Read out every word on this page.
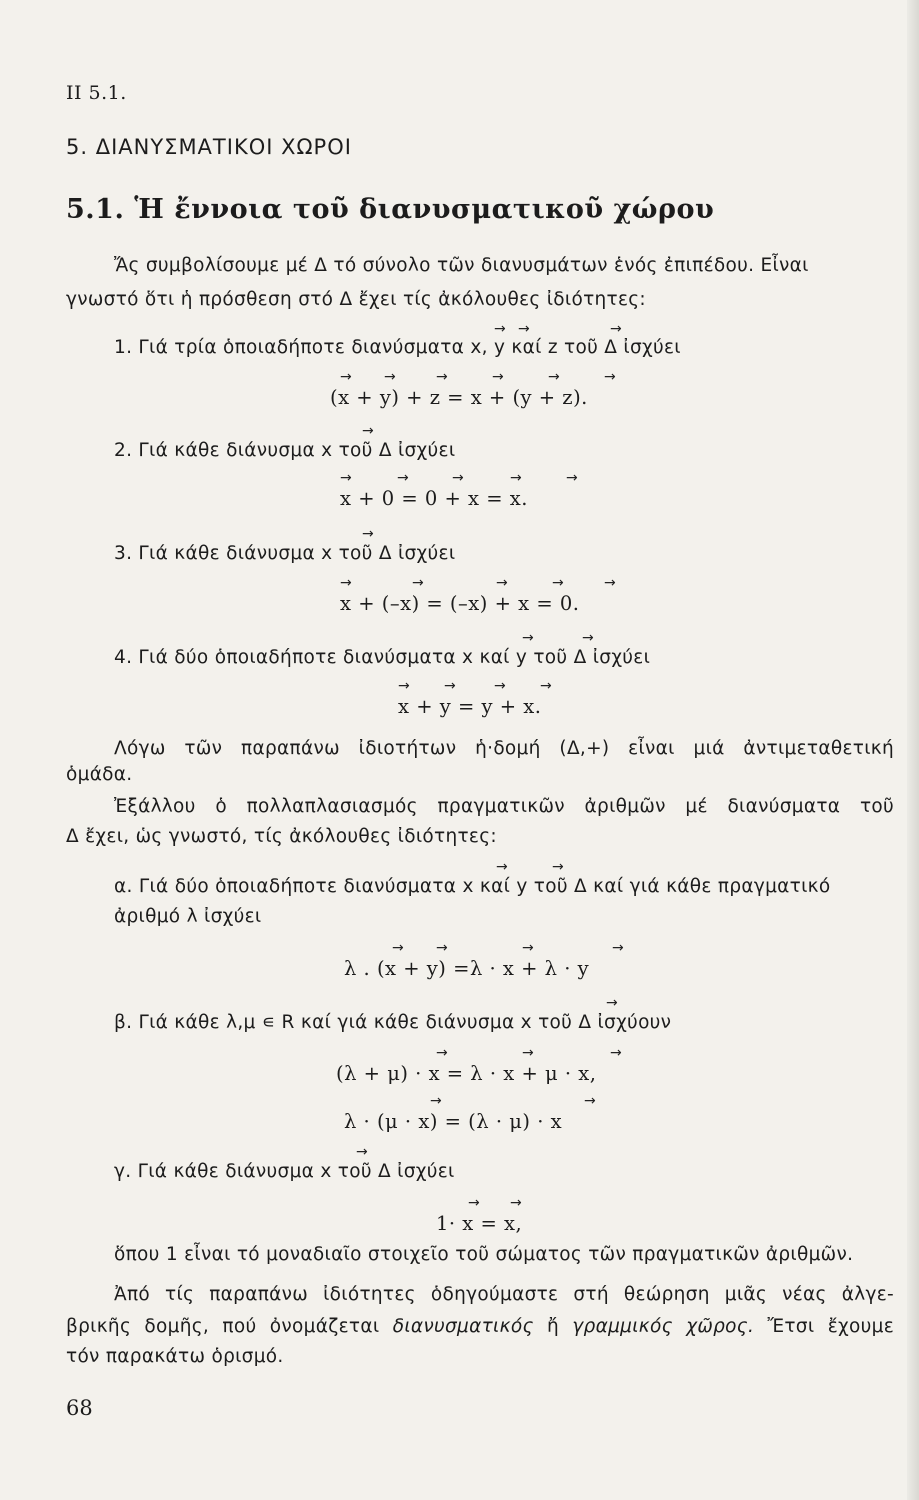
II 5.1.
5. ΔΙΑΝΥΣΜΑΤΙΚΟΙ ΧΩΡΟΙ
5.1. Ἡ ἔννοια τοῦ διανυσματικοῦ χώρου
Ἄς συμβολίσουμε μέ Δ τό σύνολο τῶν διανυσμάτων ἑνός ἐπιπέδου. Εἶναι
γνωστό ὅτι ἡ πρόσθεση στό Δ ἔχει τίς ἀκόλουθες ἰδιότητες:
1. Γιά τρία ὁποιαδήποτε διανύσματα x, y καί z τοῦ Δ ἰσχύει
→ →	→
(x + y) + z = x + (y + z).
→ →	→	→	→	→
2. Γιά κάθε διάνυσμα x τοῦ Δ ἰσχύει
→
x + 0 = 0 + x = x.
→	→	→	→	→
3. Γιά κάθε διάνυσμα x τοῦ Δ ἰσχύει
→
x + (–x) = (–x) + x = 0.
→	→	→	→	→
4. Γιά δύο ὁποιαδήποτε διανύσματα x καί y τοῦ Δ ἰσχύει
→	→
x + y = y + x.
→ →	→ →
Λόγω τῶν παραπάνω ἰδιοτήτων ἡ·δομή (Δ,+) εἶναι μιά ἀντιμεταθετική
ὁμάδα.
Ἐξάλλου ὁ πολλαπλασιασμός πραγματικῶν ἀριθμῶν μέ διανύσματα τοῦ
Δ ἔχει, ὡς γνωστό, τίς ἀκόλουθες ἰδιότητες:
α. Γιά δύο ὁποιαδήποτε διανύσματα x καί y τοῦ Δ καί γιά κάθε πραγματικό
→	→
ἀριθμό λ ἰσχύει
λ . (x + y) =λ · x + λ · y
→ →	→	→
β. Γιά κάθε λ,μ ∊ R καί γιά κάθε διάνυσμα x τοῦ Δ ἰσχύουν
→
(λ + μ) · x = λ · x + μ · x,
→	→	→
λ · (μ · x) = (λ · μ) · x
→	→
γ. Γιά κάθε διάνυσμα x τοῦ Δ ἰσχύει
→
1· x = x,
→ →
ὅπου 1 εἶναι τό μοναδιαῖο στοιχεῖο τοῦ σώματος τῶν πραγματικῶν ἀριθμῶν.
Ἀπό τίς παραπάνω ἰδιότητες ὁδηγούμαστε στή θεώρηση μιᾶς νέας ἀλγε-
βρικῆς δομῆς, πού ὀνομάζεται διανυσματικός ἤ γραμμικός χῶρος. Ἔτσι ἔχουμε
τόν παρακάτω ὁρισμό.
68
